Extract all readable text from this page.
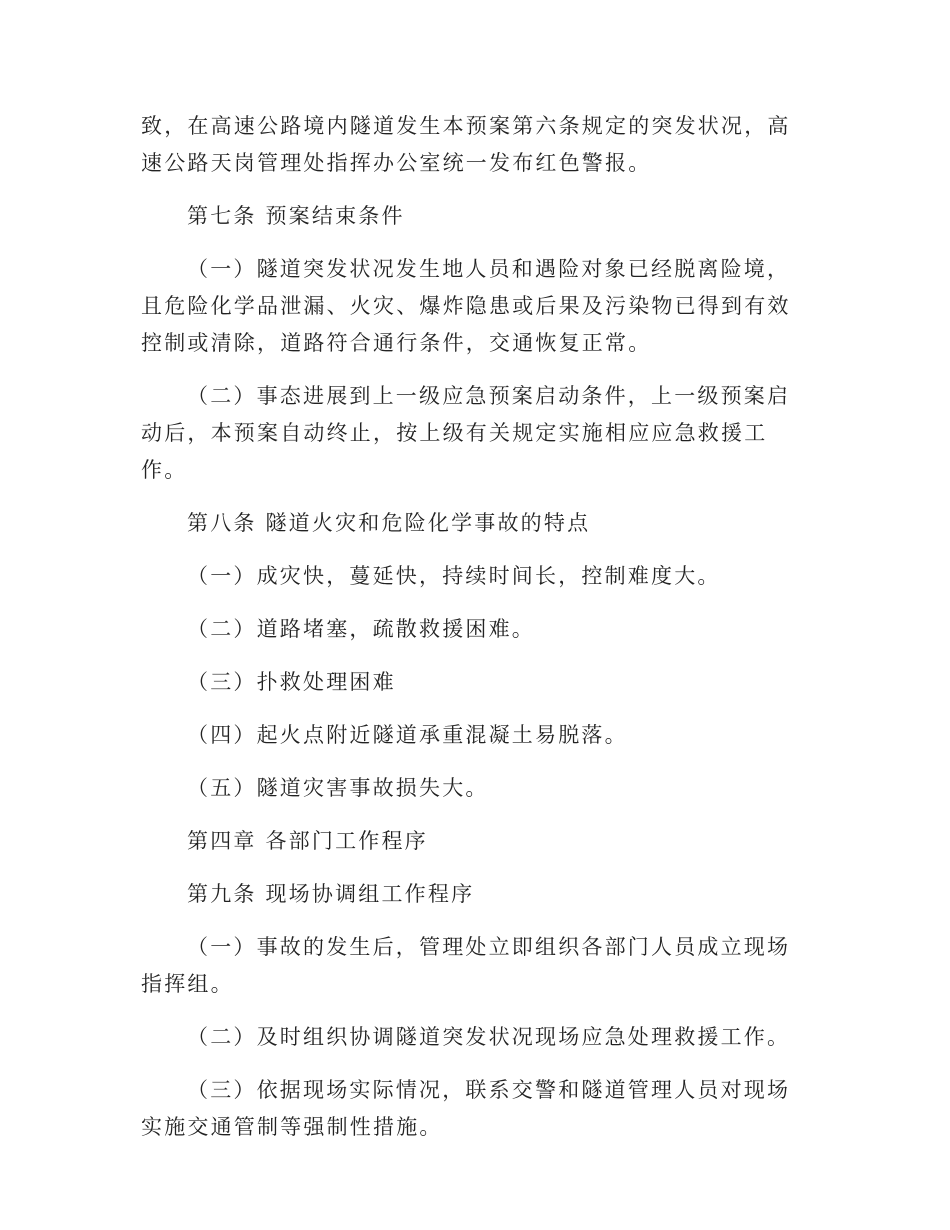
致，在高速公路境内隧道发生本预案第六条规定的突发状况，高速公路天岗管理处指挥办公室统一发布红色警报。

第七条 预案结束条件

（一）隧道突发状况发生地人员和遇险对象已经脱离险境，且危险化学品泄漏、火灾、爆炸隐患或后果及污染物已得到有效控制或清除，道路符合通行条件，交通恢复正常。

（二）事态进展到上一级应急预案启动条件，上一级预案启动后，本预案自动终止，按上级有关规定实施相应应急救援工作。

第八条 隧道火灾和危险化学事故的特点

（一）成灾快，蔓延快，持续时间长，控制难度大。

（二）道路堵塞，疏散救援困难。

（三）扑救处理困难

（四）起火点附近隧道承重混凝土易脱落。

（五）隧道灾害事故损失大。

第四章 各部门工作程序

第九条 现场协调组工作程序

（一）事故的发生后，管理处立即组织各部门人员成立现场指挥组。

（二）及时组织协调隧道突发状况现场应急处理救援工作。

（三）依据现场实际情况，联系交警和隧道管理人员对现场实施交通管制等强制性措施。
